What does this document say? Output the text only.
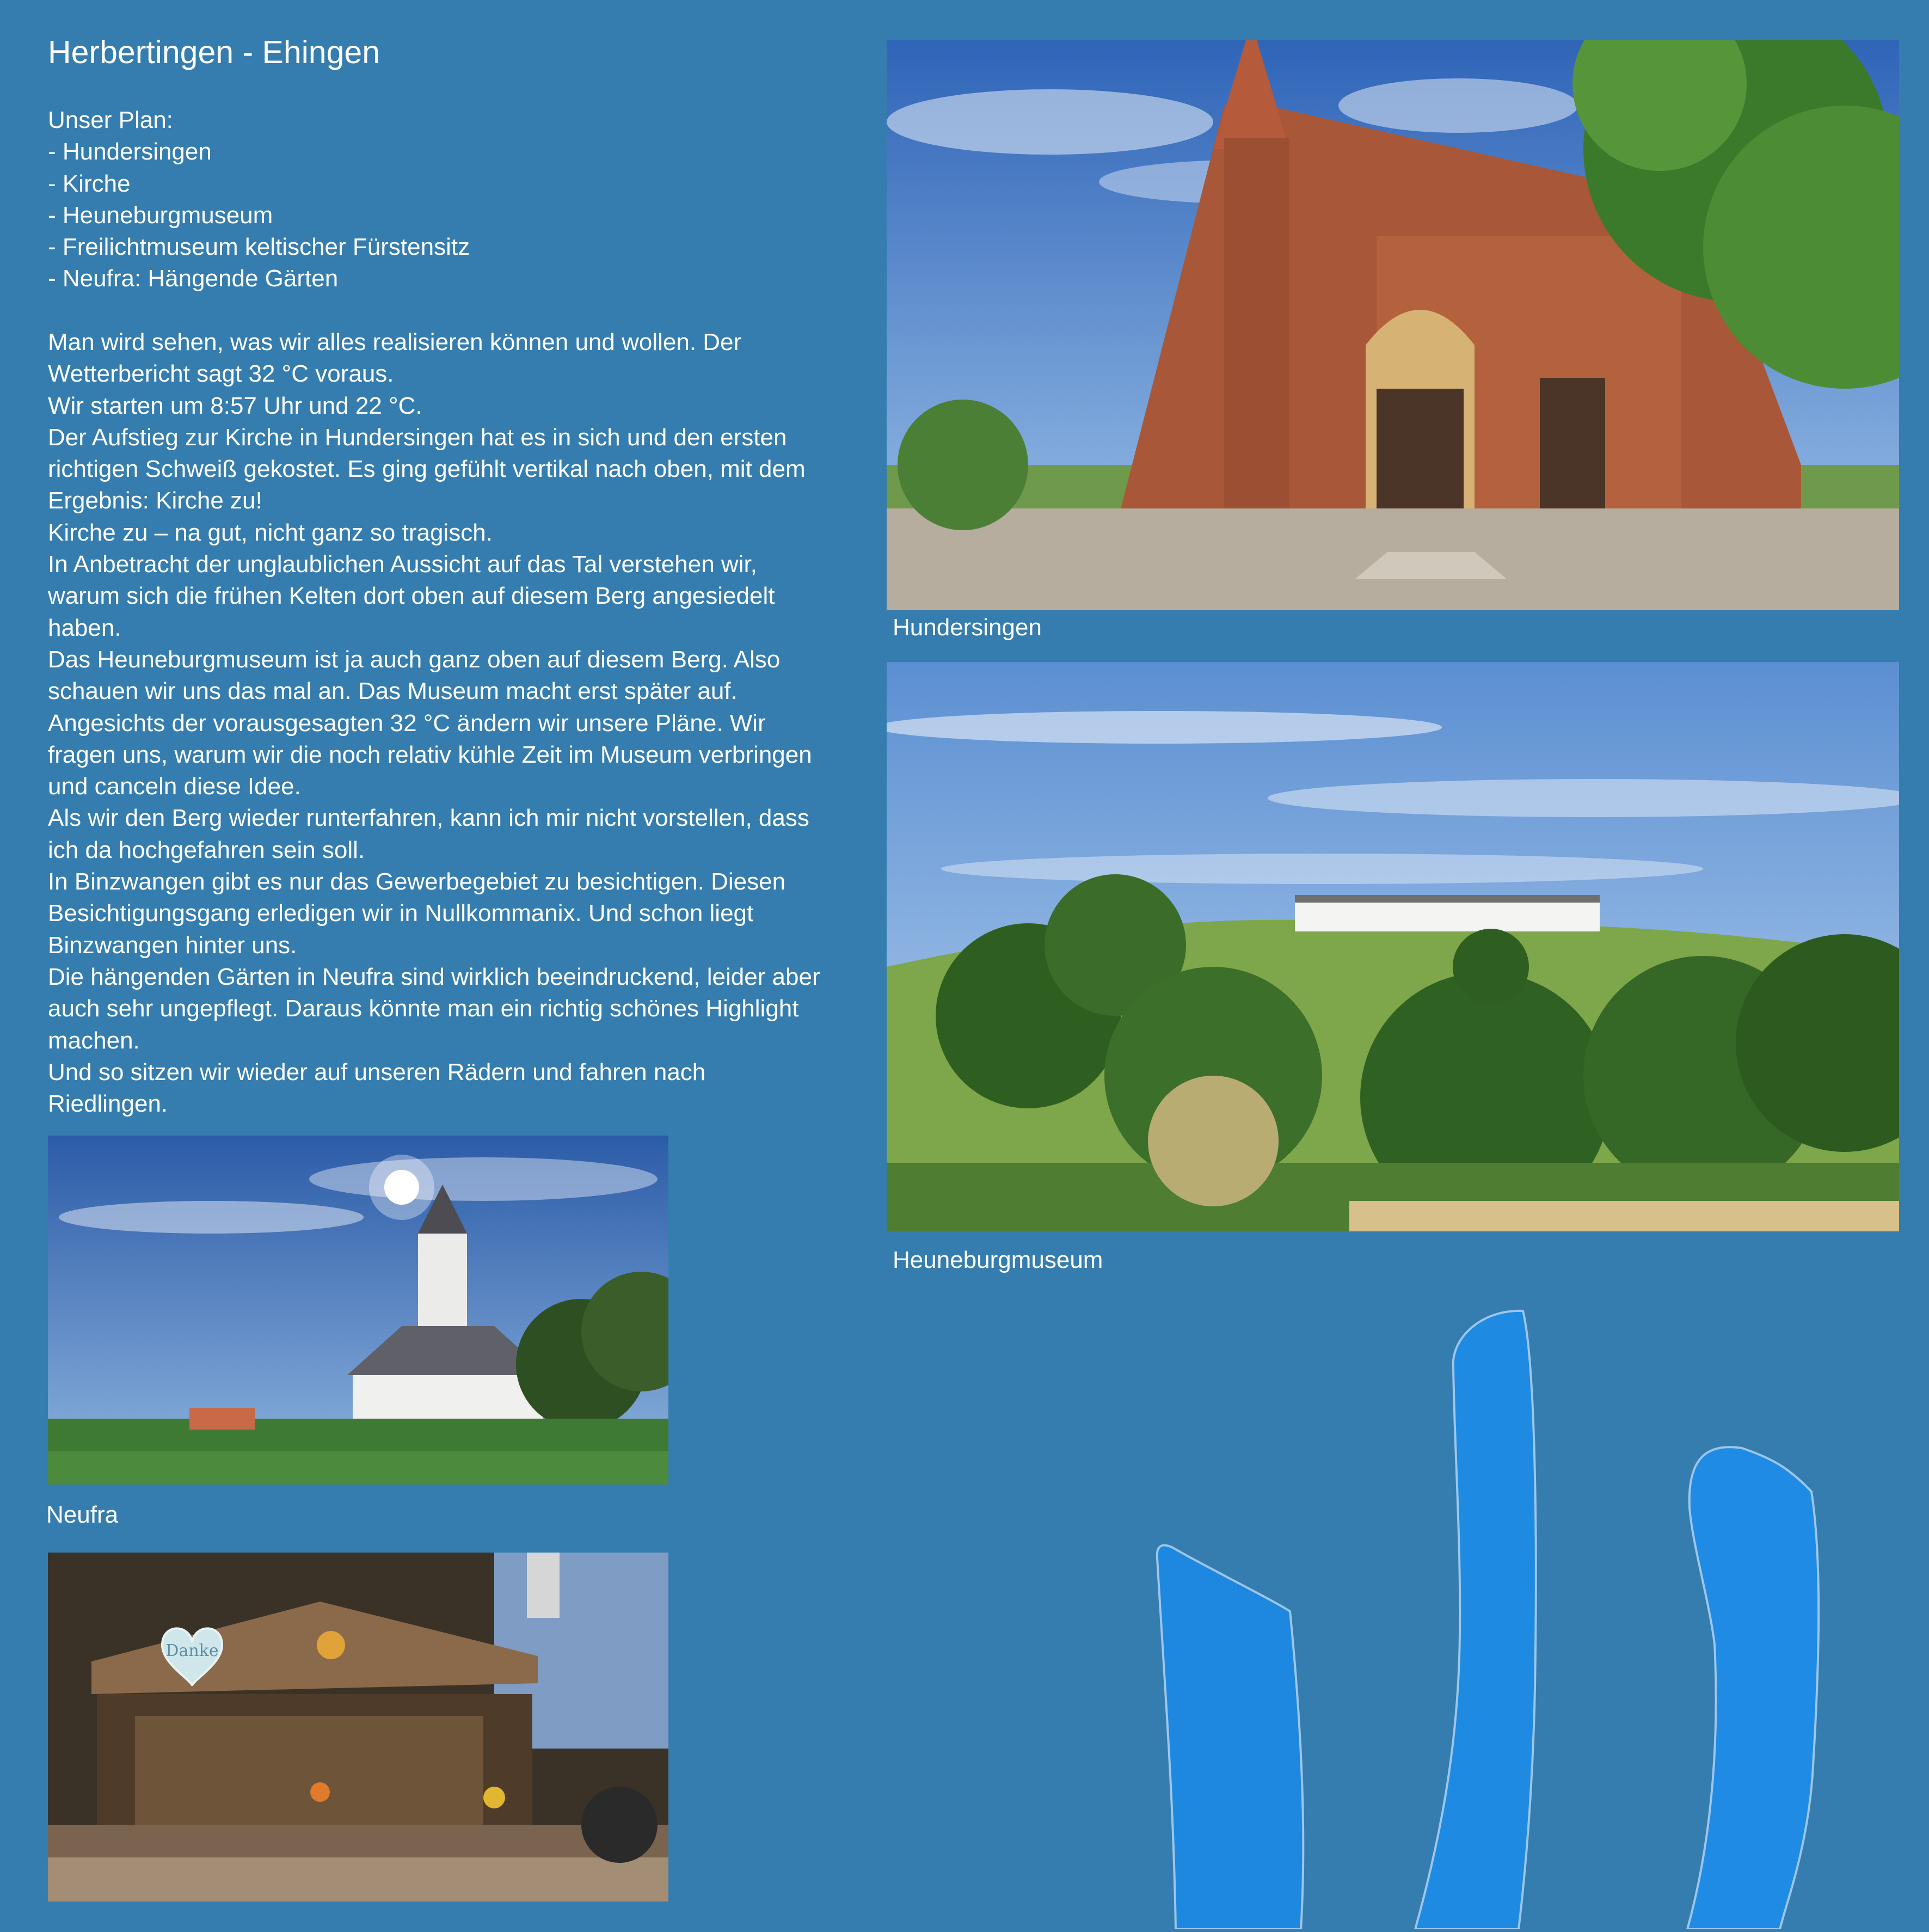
Herbertingen - Ehingen
Unser Plan:
- Hundersingen
- Kirche
- Heuneburgmuseum
- Freilichtmuseum keltischer Fürstensitz
- Neufra: Hängende Gärten
Man wird sehen, was wir alles realisieren können und wollen. Der
Wetterbericht sagt 32 °C voraus.
Wir starten um 8:57 Uhr und 22 °C.
Der Aufstieg zur Kirche in Hundersingen hat es in sich und den ersten
richtigen Schweiß gekostet. Es ging gefühlt vertikal nach oben, mit dem
Ergebnis: Kirche zu!
Kirche zu – na gut, nicht ganz so tragisch.
In Anbetracht der unglaublichen Aussicht auf das Tal verstehen wir,
warum sich die frühen Kelten dort oben auf diesem Berg angesiedelt
haben.
Das Heuneburgmuseum ist ja auch ganz oben auf diesem Berg. Also
schauen wir uns das mal an. Das Museum macht erst später auf.
Angesichts der vorausgesagten 32 °C ändern wir unsere Pläne. Wir
fragen uns, warum wir die noch relativ kühle Zeit im Museum verbringen
und canceln diese Idee.
Als wir den Berg wieder runterfahren, kann ich mir nicht vorstellen, dass
ich da hochgefahren sein soll.
In Binzwangen gibt es nur das Gewerbegebiet zu besichtigen. Diesen
Besichtigungsgang erledigen wir in Nullkommanix. Und schon liegt
Binzwangen hinter uns.
Die hängenden Gärten in Neufra sind wirklich beeindruckend, leider aber
auch sehr ungepflegt. Daraus könnte man ein richtig schönes Highlight
machen.
Und so sitzen wir wieder auf unseren Rädern und fahren nach
Riedlingen.
Hundersingen
Heuneburgmuseum
Neufra
Danke
